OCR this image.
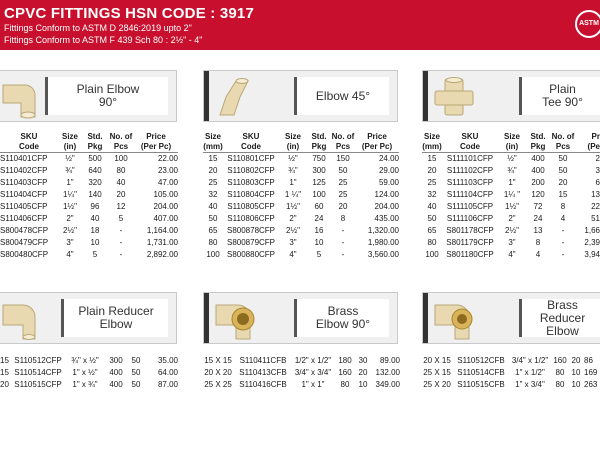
CPVC FITTINGS HSN CODE : 3917
Fittings Conform to ASTM D 2846:2019 upto 2"
Fittings Conform to ASTM F 439 Sch 80 : 2½" - 4"
ASTM
Plain Elbow 90°	Elbow 45°	Plain Tee 90°
SKU	Size	Std.	No. of	Price
Code	(in)	Pkg	Pcs	(Per Pc)
S110401CFP	½"	500	100	22.00
S110402CFP	¾"	640	80	23.00
S110403CFP	1"	320	40	47.00
S110404CFP	1¼"	140	20	105.00
S110405CFP	1½"	96	12	204.00
S110406CFP	2"	40	5	407.00
S800478CFP	2½"	18	-	1,164.00
S800479CFP	3"	10	-	1,731.00
S800480CFP	4"	5	-	2,892.00
Size	SKU	Size	Std.	No. of	Price
(mm)	Code	(in)	Pkg	Pcs	(Per Pc)
15	S110801CFP	½"	750	150	24.00
20	S110802CFP	¾"	300	50	29.00
25	S110803CFP	1"	125	25	59.00
32	S110804CFP	1 ¼"	100	25	124.00
40	S110805CFP	1½"	60	20	204.00
50	S110806CFP	2"	24	8	435.00
65	S800878CFP	2½"	16	-	1,320.00
80	S800879CFP	3"	10	-	1,980.00
100	S800880CFP	4"	5	-	3,560.00
Size	SKU	Size	Std.	No. of	Pr
(mm)	Code	(in)	Pkg	Pcs	(Pe
15	S111101CFP	½"	400	50	2
20	S111102CFP	¾"	400	50	3
25	S111103CFP	1"	200	20	6
32	S111104CFP	1¼ "	120	15	13
40	S111105CFP	1½"	72	8	22
50	S111106CFP	2"	24	4	51
65	S801178CFP	2½"	13	-	1,66
80	S801179CFP	3"	8	-	2,39
100	S801180CFP	4"	4	-	3,94
Plain Reducer Elbow
Brass Elbow 90°
Brass Reducer Elbow
15	S110512CFP	¾" x ½"	300	50	35.00
15	S110514CFP	1" x ½"	400	50	64.00
20	S110515CFP	1" x ¾"	400	50	87.00
15 X 15	S110411CFB	1/2" x 1/2"	180	30	89.00
20 X 20	S110413CFB	3/4" x 3/4"	160	20	132.00
25 X 25	S110416CFB	1" x 1"	80	10	349.00
20 X 15	S110512CFB	3/4" x 1/2"	160	20	86
25 X 15	S110514CFB	1" x 1/2"	80	10	169
25 X 20	S110515CFB	1" x 3/4"	80	10	263
